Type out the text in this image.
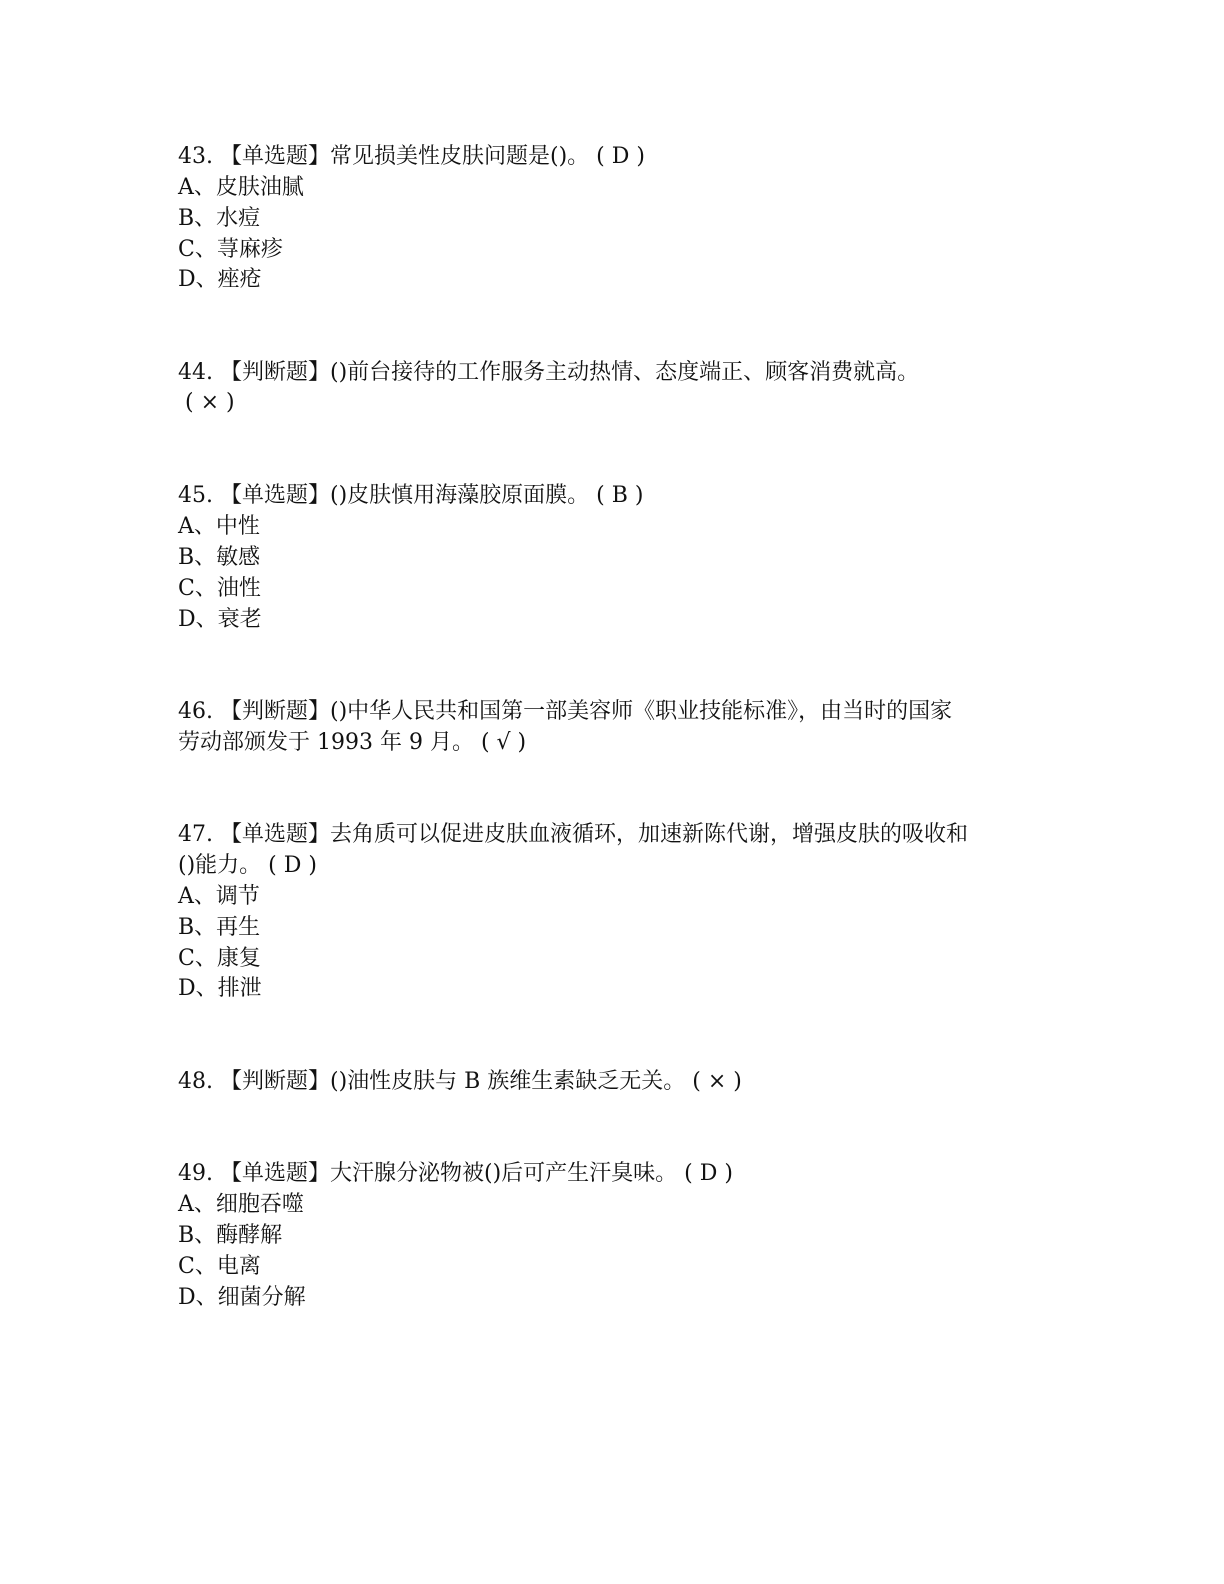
43. 【单选题】常见损美性皮肤问题是()。 ( D )
A、皮肤油腻
B、水痘
C、荨麻疹
D、痤疮
44. 【判断题】()前台接待的工作服务主动热情、态度端正、顾客消费就高。
( × )
45. 【单选题】()皮肤慎用海藻胶原面膜。 ( B )
A、中性
B、敏感
C、油性
D、衰老
46. 【判断题】()中华人民共和国第一部美容师《职业技能标准》，由当时的国家
劳动部颁发于 1993 年 9 月。 ( √ )
47. 【单选题】去角质可以促进皮肤血液循环，加速新陈代谢，增强皮肤的吸收和
()能力。 ( D )
A、调节
B、再生
C、康复
D、排泄
48. 【判断题】()油性皮肤与 B 族维生素缺乏无关。 ( × )
49. 【单选题】大汗腺分泌物被()后可产生汗臭味。 ( D )
A、细胞吞噬
B、酶酵解
C、电离
D、细菌分解
